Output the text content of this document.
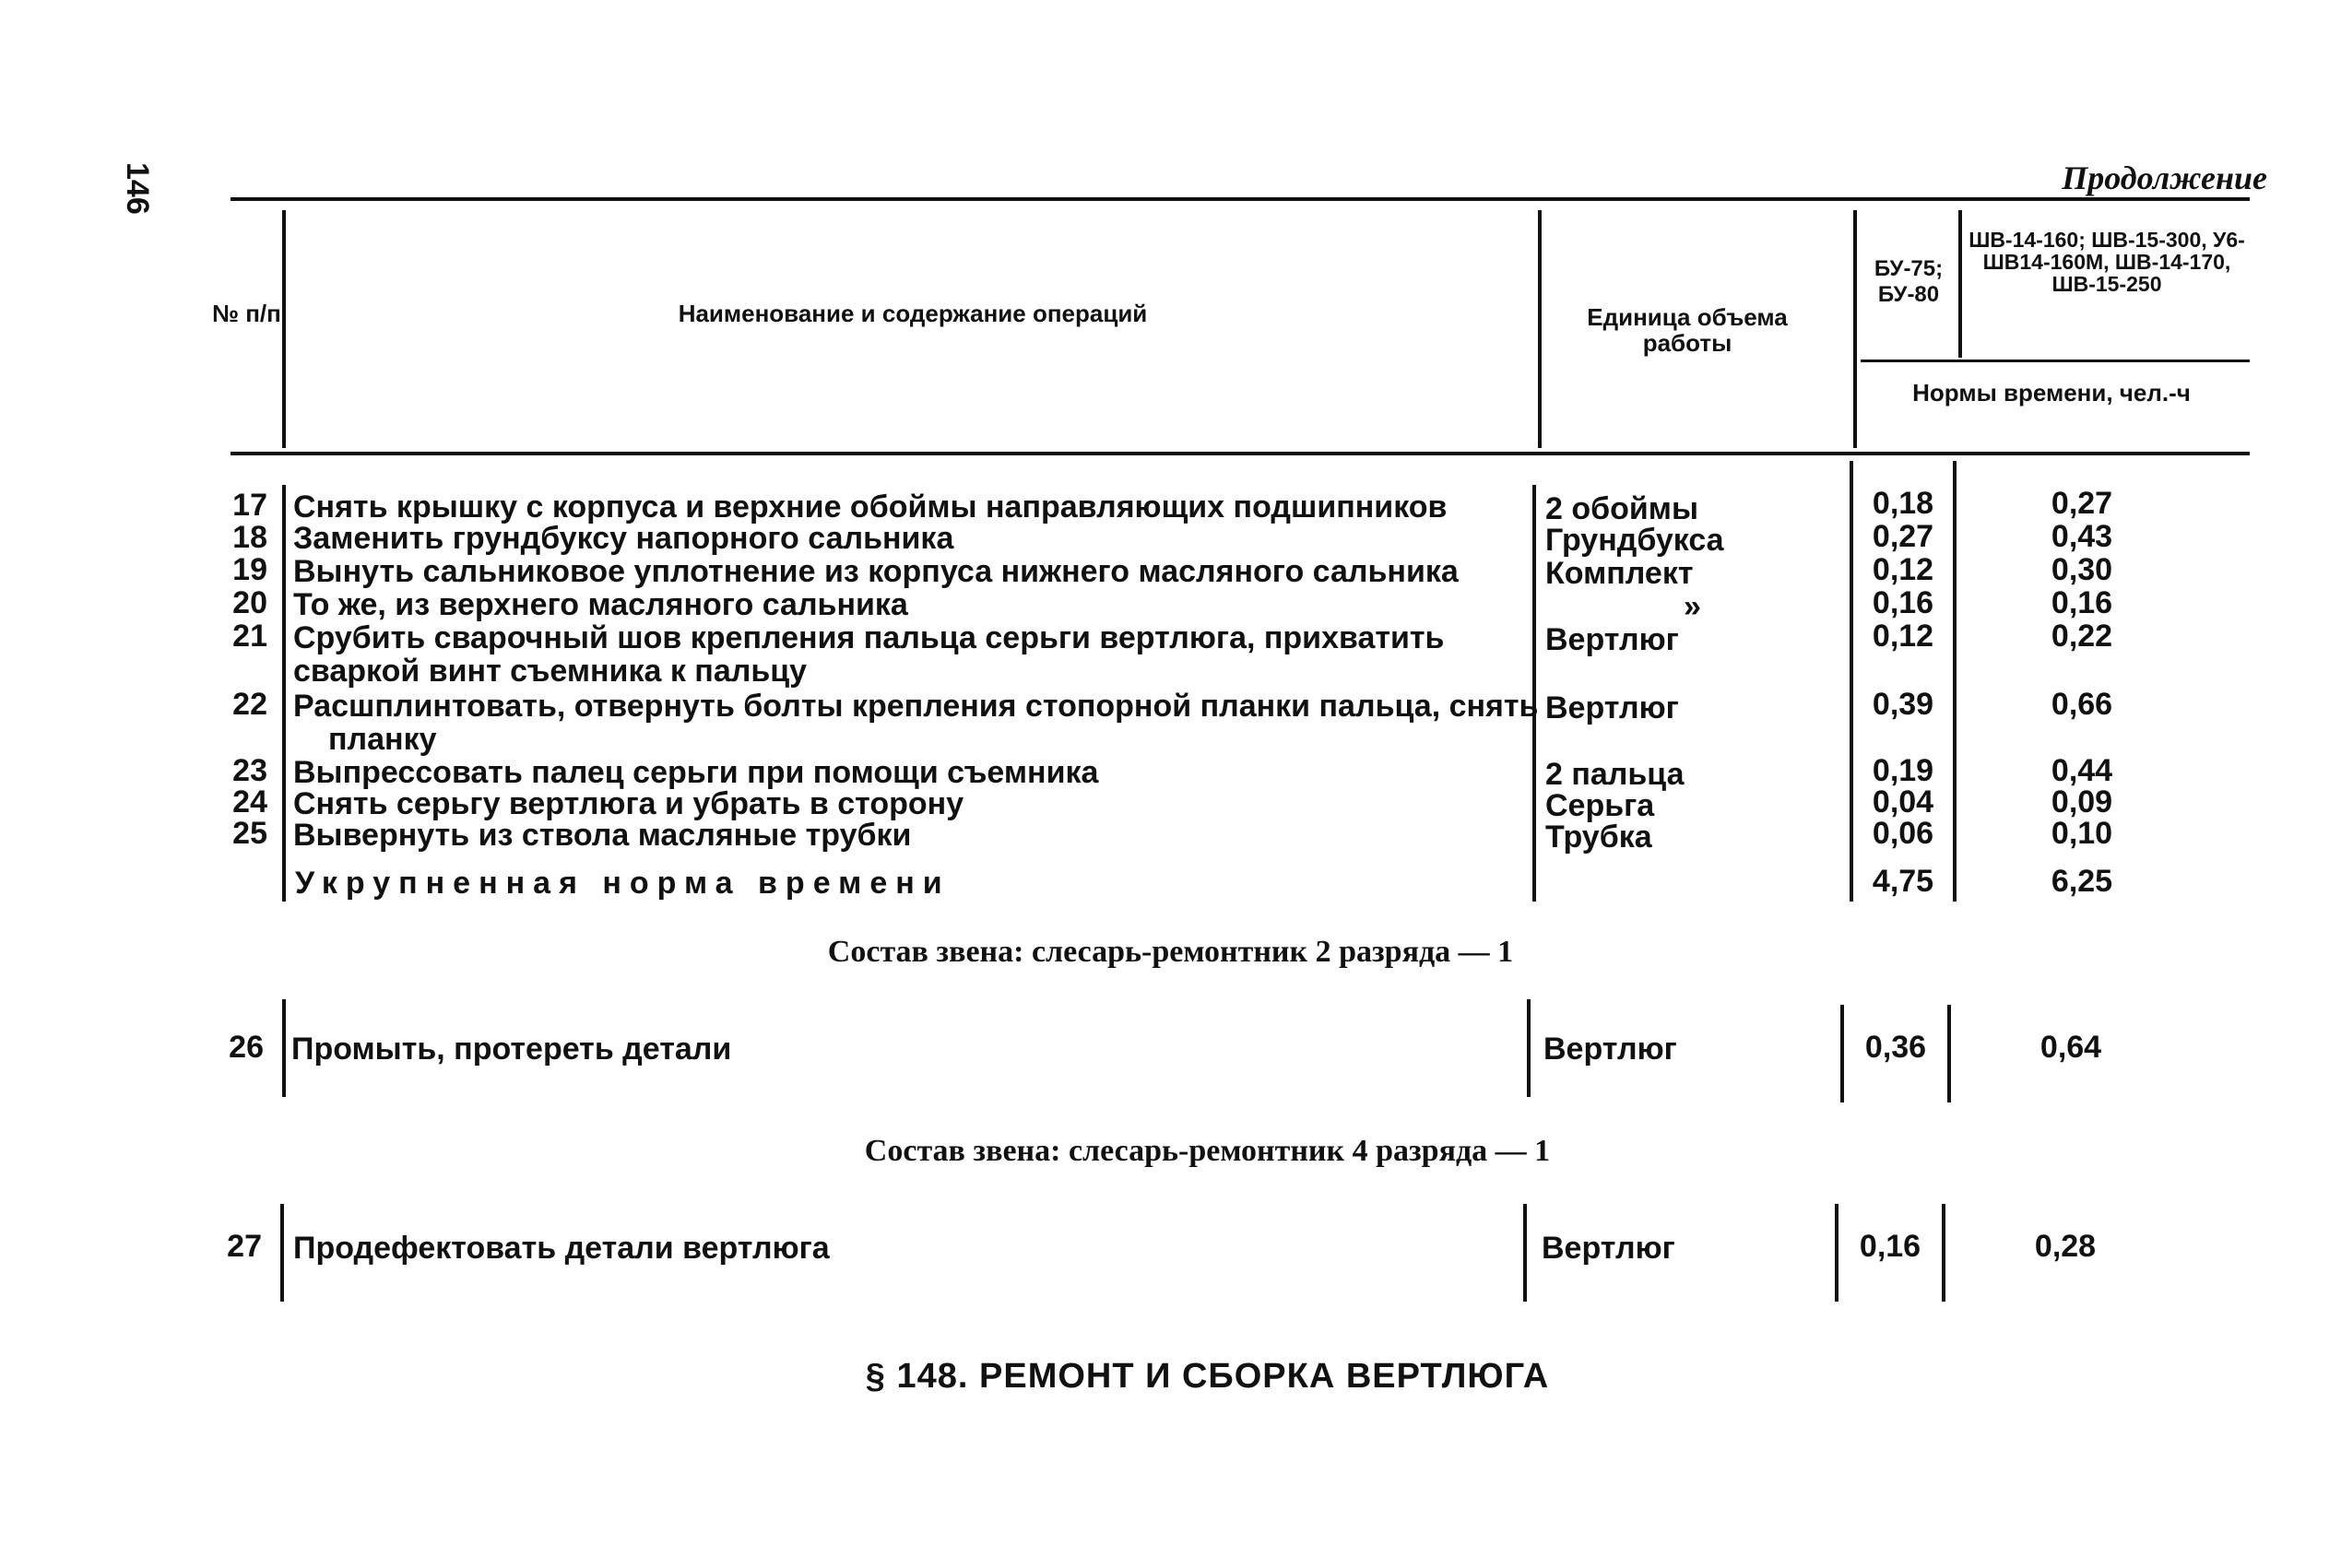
146	Продолжение
№ п/п	Наименование и содержание операций	Единица объема работы
БУ-75; БУ-80
ШВ-14-160; ШВ-15-300, У6-ШВ14-160М, ШВ-14-170, ШВ-15-250
Нормы времени, чел.-ч
17 Снять крышку с корпуса и верхние обоймы направляющих подшипников	2 обоймы	0,18	0,27
18 Заменить грундбуксу напорного сальника	Грундбукса	0,27	0,43
19 Вынуть сальниковое уплотнение из корпуса нижнего масляного сальника	Комплект	0,12	0,30
20 То же, из верхнего масляного сальника	»	0,16	0,16
21 Срубить сварочный шов крепления пальца серьги вертлюга, прихватить
сваркой винт съемника к пальцу
Вертлюг	0,12	0,22
22 Расшплинтовать, отвернуть болты крепления стопорной планки пальца, снять
планку
Вертлюг	0,39	0,66
23 Выпрессовать палец серьги при помощи съемника	2 пальца	0,19	0,44
24 Снять серьгу вертлюга и убрать в сторону	Серьга	0,04	0,09
25 Вывернуть из ствола масляные трубки	Трубка	0,06	0,10
Укрупненная норма времени	4,75	6,25
Состав звена: слесарь-ремонтник 2 разряда — 1
26 Промыть, протереть детали	Вертлюг	0,36	0,64
Состав звена: слесарь-ремонтник 4 разряда — 1
27 Продефектовать детали вертлюга	Вертлюг	0,16	0,28
§ 148. РЕМОНТ И СБОРКА ВЕРТЛЮГА
